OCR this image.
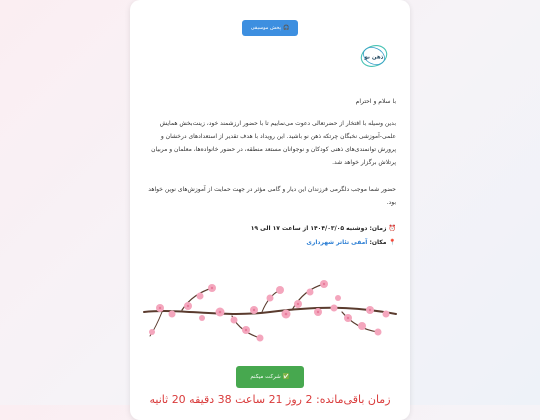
🎧
پخش موسیقی
ذهن نو
با سلام و احترام
بدین وسیله با افتخار از حضرتعالی دعوت می‌نماییم تا با حضور ارزشمند خود، زینت‌بخش همایش علمی-آموزشی نخبگان چرتکه ذهن نو باشید. این رویداد با هدف تقدیر از استعدادهای درخشان و پرورش توانمندی‌های ذهنی کودکان و نوجوانان مستعد منطقه، در حضور خانواده‌ها، معلمان و مربیان پرتلاش برگزار خواهد شد.
حضور شما موجب دلگرمی فرزندان این دیار و گامی مؤثر در جهت حمایت از آموزش‌های نوین خواهد بود.
⏰ زمان: دوشنبه ۱۴۰۴/۰۳/۰۵ از ساعت ۱۷ الی ۱۹
📍 مکان: آمفی تئاتر شهرداری
✅
شرکت میکنم
زمان باقی‌مانده: 2 روز 21 ساعت 38 دقیقه 20 ثانیه
